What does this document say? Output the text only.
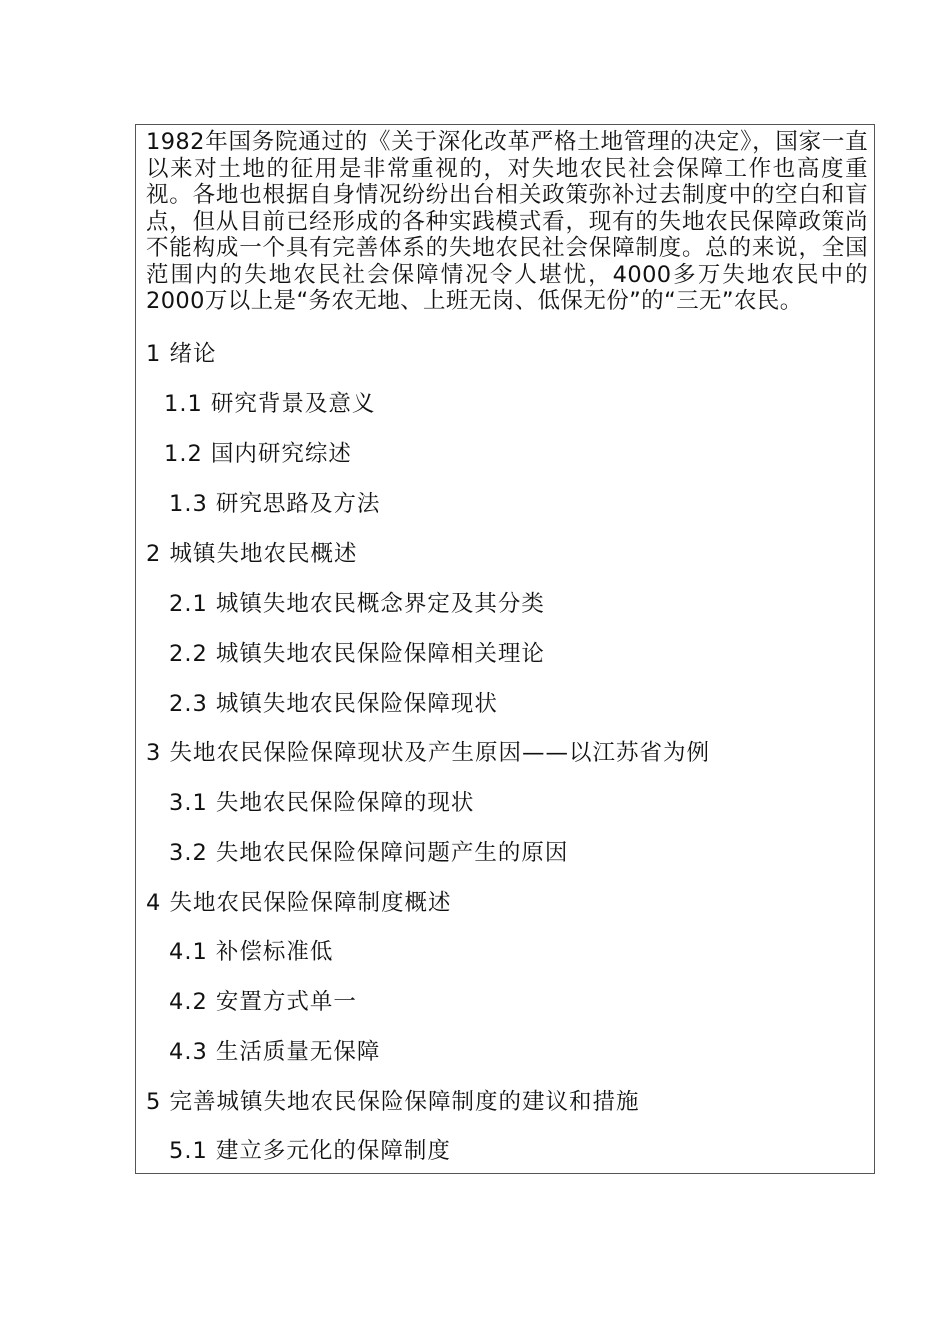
1982年国务院通过的《关于深化改革严格土地管理的决定》，国家一直以来对土地的征用是非常重视的，对失地农民社会保障工作也高度重视。各地也根据自身情况纷纷出台相关政策弥补过去制度中的空白和盲点，但从目前已经形成的各种实践模式看，现有的失地农民保障政策尚不能构成一个具有完善体系的失地农民社会保障制度。总的来说，全国范围内的失地农民社会保障情况令人堪忧，4000多万失地农民中的2000万以上是“务农无地、上班无岗、低保无份”的“三无”农民。

1 绪论

1.1 研究背景及意义

1.2 国内研究综述

1.3 研究思路及方法

2 城镇失地农民概述

2.1 城镇失地农民概念界定及其分类

2.2 城镇失地农民保险保障相关理论

2.3 城镇失地农民保险保障现状

3 失地农民保险保障现状及产生原因——以江苏省为例

3.1 失地农民保险保障的现状

3.2 失地农民保险保障问题产生的原因

4 失地农民保险保障制度概述

4.1 补偿标准低

4.2 安置方式单一

4.3 生活质量无保障

5 完善城镇失地农民保险保障制度的建议和措施

5.1 建立多元化的保障制度
